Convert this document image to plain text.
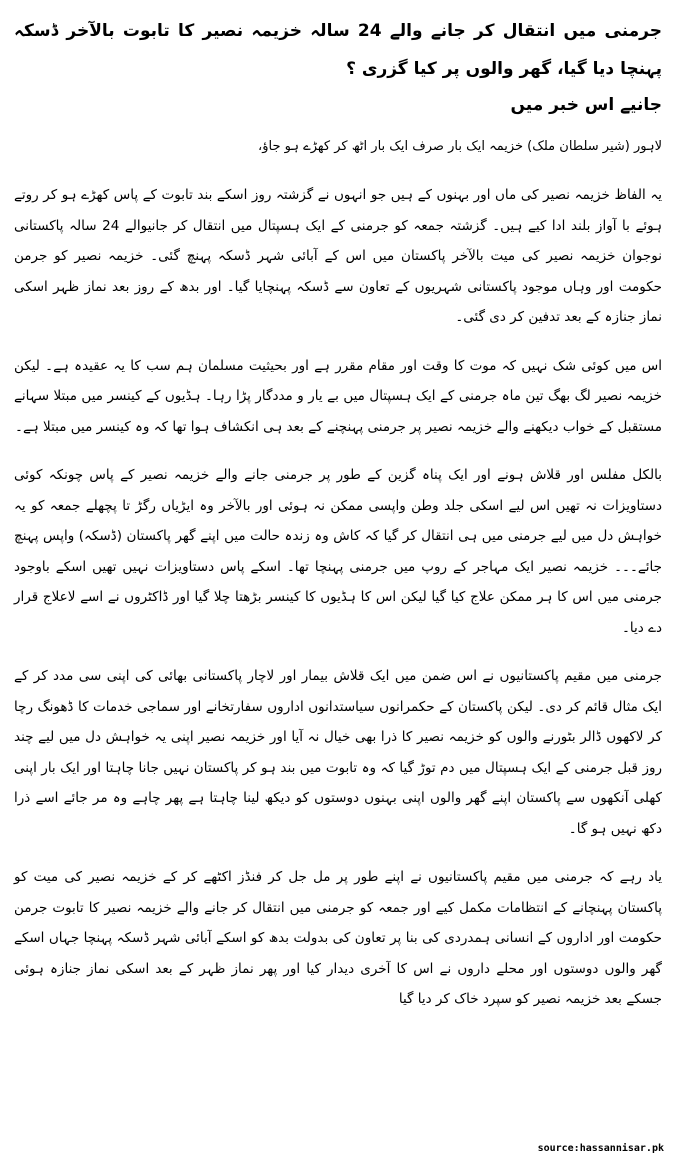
جرمنی میں انتقال کر جانے والے 24 سالہ خزیمہ نصیر کا تابوت بالآخر ڈسکہ پہنچا دیا گیا، گھر والوں پر کیا گزری ؟
جانیے اس خبر میں

لاہور (شیر سلطان ملک) خزیمہ ایک بار صرف ایک بار اٹھ کر کھڑے ہو جاؤ،

یہ الفاظ خزیمہ نصیر کی ماں اور بہنوں کے ہیں جو انہوں نے گزشتہ روز اسکے بند تابوت کے پاس کھڑے ہو کر روتے ہوئے با آواز بلند ادا کیے ہیں۔ گزشتہ جمعہ کو جرمنی کے ایک ہسپتال میں انتقال کر جانیوالے 24 سالہ پاکستانی نوجوان خزیمہ نصیر کی میت بالآخر پاکستان میں اس کے آبائی شہر ڈسکہ پہنچ گئی۔ خزیمہ نصیر کو جرمن حکومت اور وہاں موجود پاکستانی شہریوں کے تعاون سے ڈسکہ پہنچایا گیا۔ اور بدھ کے روز بعد نماز ظہر اسکی نماز جنازہ کے بعد تدفین کر دی گئی۔

اس میں کوئی شک نہیں کہ موت کا وقت اور مقام مقرر ہے اور بحیثیت مسلمان ہم سب کا یہ عقیدہ ہے۔ لیکن خزیمہ نصیر لگ بھگ تین ماہ جرمنی کے ایک ہسپتال میں بے یار و مددگار پڑا رہا۔ ہڈیوں کے کینسر میں مبتلا سہانے مستقبل کے خواب دیکھنے والے خزیمہ نصیر پر جرمنی پہنچنے کے بعد ہی انکشاف ہوا تھا کہ وہ کینسر میں مبتلا ہے۔

بالکل مفلس اور قلاش ہونے اور ایک پناہ گزین کے طور پر جرمنی جانے والے خزیمہ نصیر کے پاس چونکہ کوئی دستاویزات نہ تھیں اس لیے اسکی جلد وطن واپسی ممکن نہ ہوئی اور بالآخر وہ ایڑیاں رگڑ تا پچھلے جمعہ کو یہ خواہش دل میں لیے جرمنی میں ہی انتقال کر گیا کہ کاش وہ زندہ حالت میں اپنے گھر پاکستان (ڈسکہ) واپس پہنچ جائے۔۔۔ خزیمہ نصیر ایک مہاجر کے روپ میں جرمنی پہنچا تھا۔ اسکے پاس دستاویزات نہیں تھیں اسکے باوجود جرمنی میں اس کا ہر ممکن علاج کیا گیا لیکن اس کا ہڈیوں کا کینسر بڑھتا چلا گیا اور ڈاکٹروں نے اسے لاعلاج قرار دے دیا۔

جرمنی میں مقیم پاکستانیوں نے اس ضمن میں ایک قلاش بیمار اور لاچار پاکستانی بھائی کی اپنی سی مدد کر کے ایک مثال قائم کر دی۔ لیکن پاکستان کے حکمرانوں سیاستدانوں اداروں سفارتخانے اور سماجی خدمات کا ڈھونگ رچا کر لاکھوں ڈالر بٹورنے والوں کو خزیمہ نصیر کا ذرا بھی خیال نہ آیا اور خزیمہ نصیر اپنی یہ خواہش دل میں لیے چند روز قبل جرمنی کے ایک ہسپتال میں دم توڑ گیا کہ وہ تابوت میں بند ہو کر پاکستان نہیں جانا چاہتا اور ایک بار اپنی کھلی آنکھوں سے پاکستان اپنے گھر والوں اپنی بہنوں دوستوں کو دیکھ لینا چاہتا ہے پھر چاہے وہ مر جائے اسے ذرا دکھ نہیں ہو گا۔

یاد رہے کہ جرمنی میں مقیم پاکستانیوں نے اپنے طور پر مل جل کر فنڈز اکٹھے کر کے خزیمہ نصیر کی میت کو پاکستان پہنچانے کے انتظامات مکمل کیے اور جمعہ کو جرمنی میں انتقال کر جانے والے خزیمہ نصیر کا تابوت جرمن حکومت اور اداروں کے انسانی ہمدردی کی بنا پر تعاون کی بدولت بدھ کو اسکے آبائی شہر ڈسکہ پہنچا جہاں اسکے گھر والوں دوستوں اور محلے داروں نے اس کا آخری دیدار کیا اور پھر نماز ظہر کے بعد اسکی نماز جنازہ ہوئی جسکے بعد خزیمہ نصیر کو سپرد خاک کر دیا گیا

source:hassannisar.pk
